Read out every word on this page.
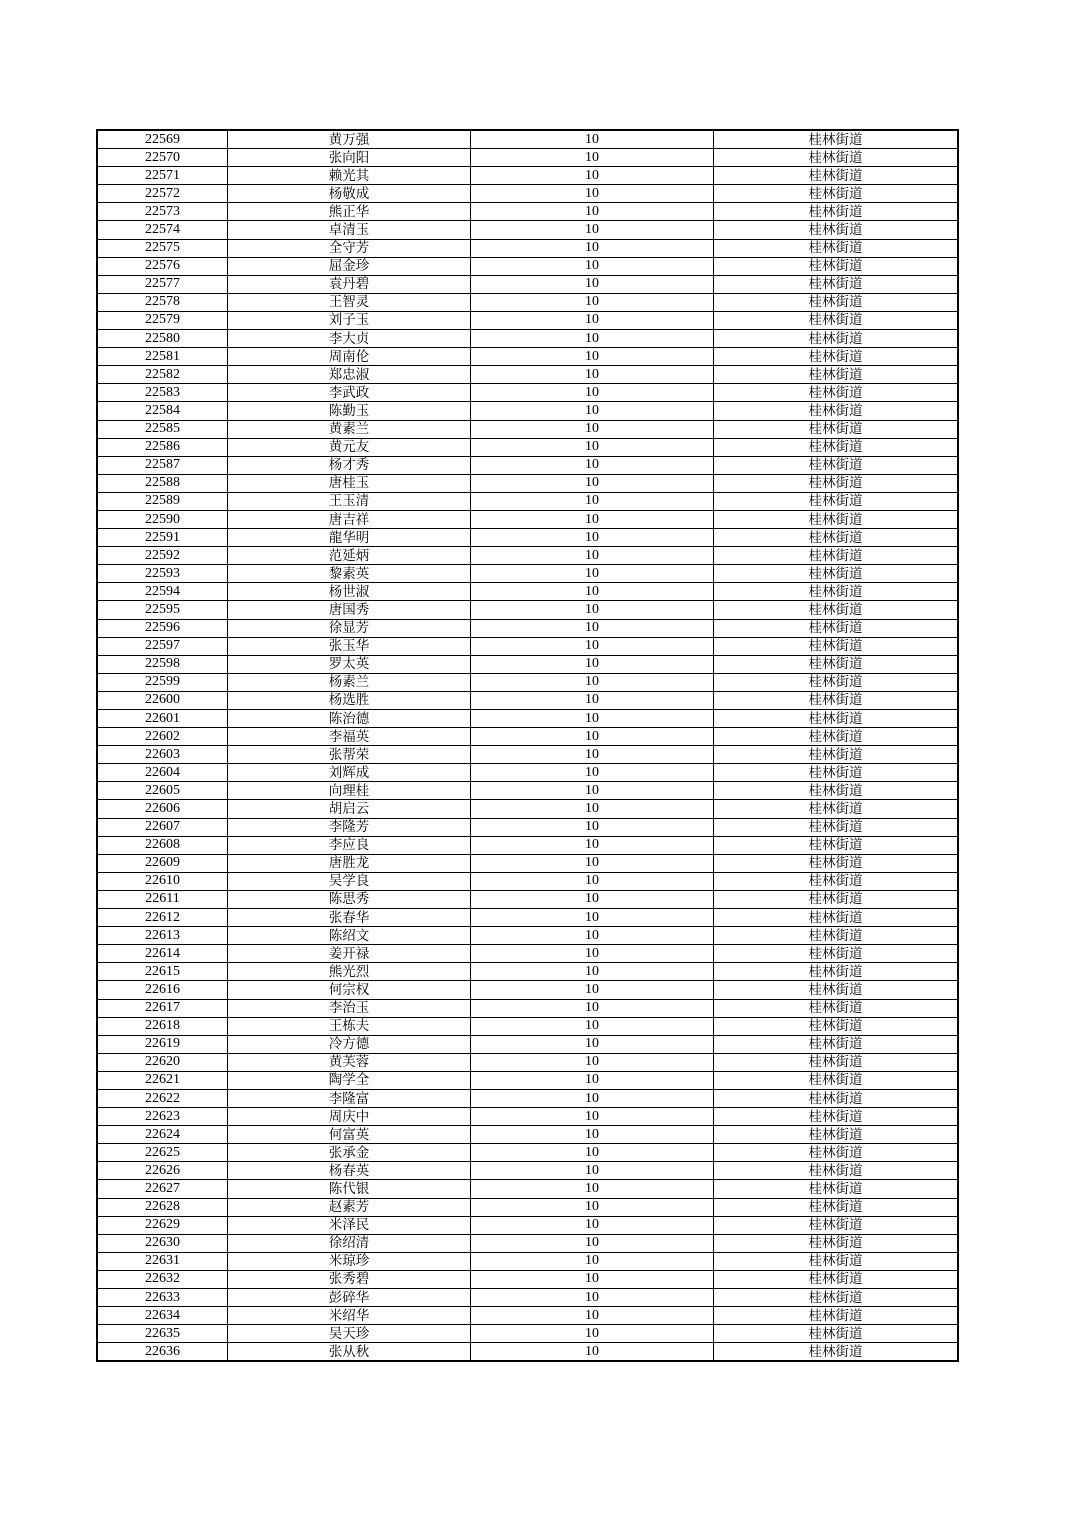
22569	黄万强	10	桂林街道
22570	张向阳	10	桂林街道
22571	赖光其	10	桂林街道
22572	杨敬成	10	桂林街道
22573	熊正华	10	桂林街道
22574	卓清玉	10	桂林街道
22575	全守芳	10	桂林街道
22576	屈金珍	10	桂林街道
22577	袁丹碧	10	桂林街道
22578	王智灵	10	桂林街道
22579	刘子玉	10	桂林街道
22580	李大贞	10	桂林街道
22581	周南伦	10	桂林街道
22582	郑忠淑	10	桂林街道
22583	李武政	10	桂林街道
22584	陈勤玉	10	桂林街道
22585	黄素兰	10	桂林街道
22586	黄元友	10	桂林街道
22587	杨才秀	10	桂林街道
22588	唐桂玉	10	桂林街道
22589	王玉清	10	桂林街道
22590	唐吉祥	10	桂林街道
22591	龍华明	10	桂林街道
22592	范延炳	10	桂林街道
22593	黎素英	10	桂林街道
22594	杨世淑	10	桂林街道
22595	唐国秀	10	桂林街道
22596	徐显芳	10	桂林街道
22597	张玉华	10	桂林街道
22598	罗太英	10	桂林街道
22599	杨素兰	10	桂林街道
22600	杨选胜	10	桂林街道
22601	陈治德	10	桂林街道
22602	李福英	10	桂林街道
22603	张帮荣	10	桂林街道
22604	刘辉成	10	桂林街道
22605	向理桂	10	桂林街道
22606	胡启云	10	桂林街道
22607	李隆芳	10	桂林街道
22608	李应良	10	桂林街道
22609	唐胜龙	10	桂林街道
22610	吴学良	10	桂林街道
22611	陈思秀	10	桂林街道
22612	张春华	10	桂林街道
22613	陈绍文	10	桂林街道
22614	姜开禄	10	桂林街道
22615	熊光烈	10	桂林街道
22616	何宗权	10	桂林街道
22617	李治玉	10	桂林街道
22618	王栋夫	10	桂林街道
22619	冷方德	10	桂林街道
22620	黄芙蓉	10	桂林街道
22621	陶学全	10	桂林街道
22622	李隆富	10	桂林街道
22623	周庆中	10	桂林街道
22624	何富英	10	桂林街道
22625	张承金	10	桂林街道
22626	杨春英	10	桂林街道
22627	陈代银	10	桂林街道
22628	赵素芳	10	桂林街道
22629	米泽民	10	桂林街道
22630	徐绍清	10	桂林街道
22631	米琼珍	10	桂林街道
22632	张秀碧	10	桂林街道
22633	彭碎华	10	桂林街道
22634	米绍华	10	桂林街道
22635	吴天珍	10	桂林街道
22636	张从秋	10	桂林街道
